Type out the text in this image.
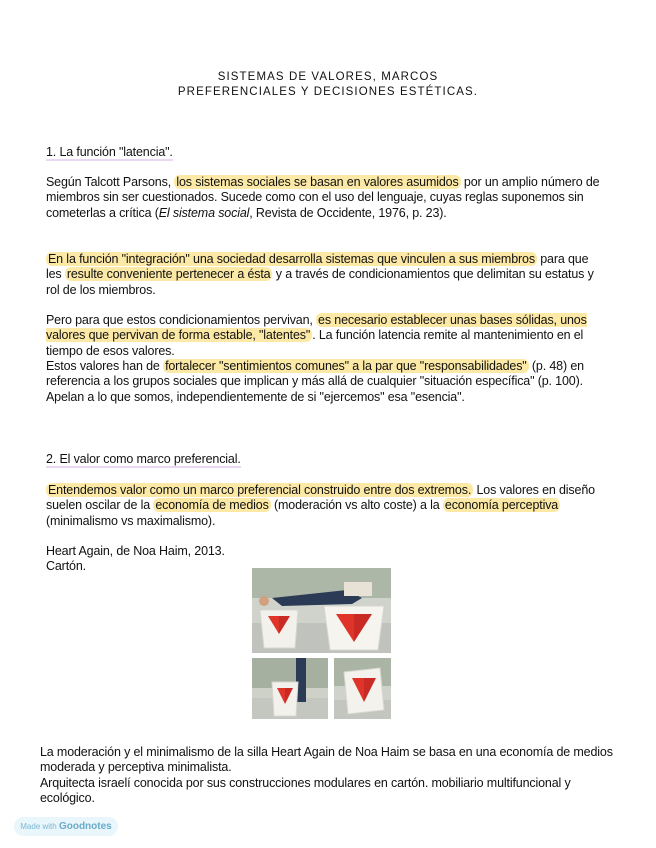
SISTEMAS DE VALORES, MARCOS
PREFERENCIALES Y DECISIONES ESTÉTICAS.
1. La función "latencia".
Según Talcott Parsons, los sistemas sociales se basan en valores asumidos por un amplio número de miembros sin ser cuestionados. Sucede como con el uso del lenguaje, cuyas reglas suponemos sin cometerlas a crítica (El sistema social, Revista de Occidente, 1976, p. 23).
En la función "integración" una sociedad desarrolla sistemas que vinculen a sus miembros para que les resulte conveniente pertenecer a ésta y a través de condicionamientos que delimitan su estatus y rol de los miembros.
Pero para que estos condicionamientos pervivan, es necesario establecer unas bases sólidas, unos valores que pervivan de forma estable, "latentes" . La función latencia remite al mantenimiento en el tiempo de esos valores.
Estos valores han de fortalecer "sentimientos comunes" a la par que "responsabilidades" (p. 48) en referencia a los grupos sociales que implican y más allá de cualquier "situación específica" (p. 100). Apelan a lo que somos, independientemente de si "ejercemos" esa "esencia".
2. El valor como marco preferencial.
Entendemos valor como un marco preferencial construido entre dos extremos. Los valores en diseño suelen oscilar de la economía de medios (moderación vs alto coste) a la economía perceptiva (minimalismo vs maximalismo).
Heart Again, de Noa Haim, 2013.
Cartón.
La moderación y el minimalismo de la silla Heart Again de Noa Haim se basa en una economía de medios moderada y perceptiva minimalista.
Arquitecta israelí conocida por sus construcciones modulares en cartón. mobiliario multifuncional y ecológico.
Made with Goodnotes
